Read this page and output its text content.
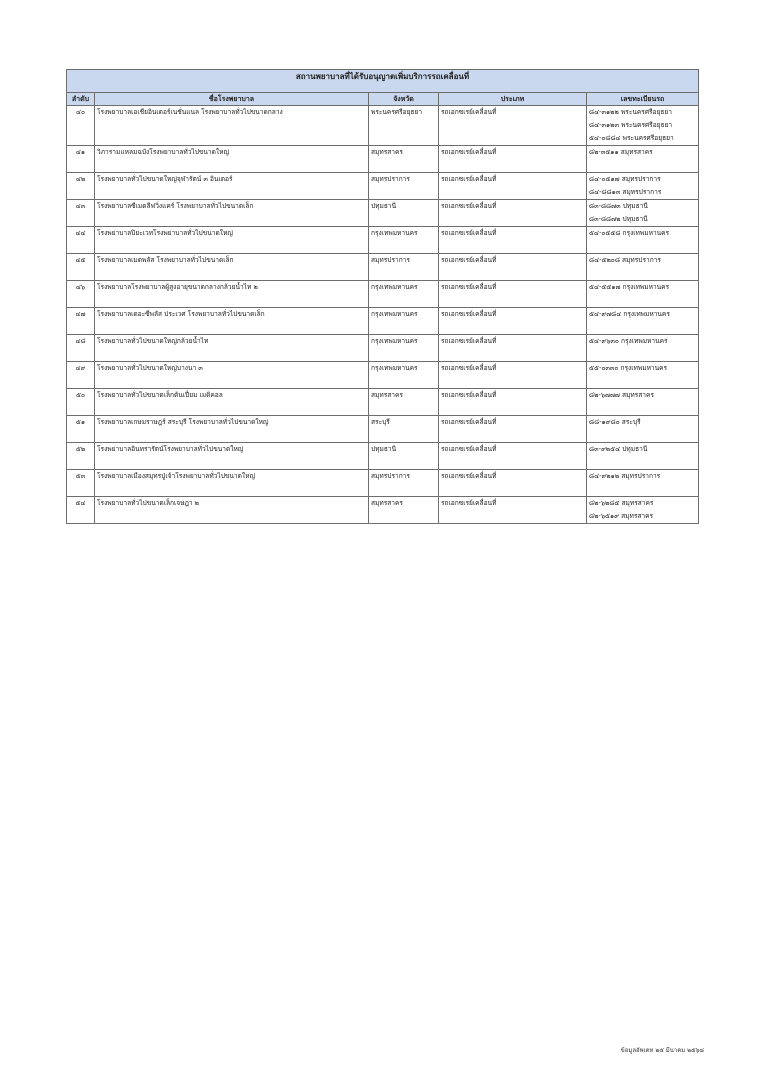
สถานพยาบาลที่ได้รับอนุญาตเพิ่มบริการรถเคลื่อนที่				
ลำดับ	ชื่อโรงพยาบาล	จังหวัด	ประเภท	เลขทะเบียนรถ

๔๐	โรงพยาบาลเอเชียอินเตอร์เนชั่นแนล โรงพยาบาลทั่วไปขนาดกลาง	พระนครศรีอยุธยา	รถเอกซเรย์เคลื่อนที่	๘๔-๓๑๒๒ พระนครศรีอยุธยา
๘๔-๓๑๒๓ พระนครศรีอยุธยา
๕๔-๐๘๘๔ พระนครศรีอยุธยา

๔๑	วิภารามแหลมฉบังโรงพยาบาลทั่วไปขนาดใหญ่	สมุทรสาคร	รถเอกซเรย์เคลื่อนที่	๘๒-๓๕๑๑ สมุทรสาคร

๔๒	โรงพยาบาลทั่วไปขนาดใหญ่จุฬารัตน์ ๓ อินเตอร์	สมุทรปราการ	รถเอกซเรย์เคลื่อนที่	๘๔-๐๕๑๗ สมุทรปราการ
๘๔-๘๘๑๓ สมุทรปราการ

๔๓	โรงพยาบาลซีเมดลีฟวิ่งแคร์ โรงพยาบาลทั่วไปขนาดเล็ก	ปทุมธานี	รถเอกซเรย์เคลื่อนที่	๘๓-๘๘๗๓ ปทุมธานี
๘๓-๘๘๗๒ ปทุมธานี

๔๔	โรงพยาบาลปิยะเวทโรงพยาบาลทั่วไปขนาดใหญ่	กรุงเทพมหานคร	รถเอกซเรย์เคลื่อนที่	๕๔-๐๕๕๘ กรุงเทพมหานคร

๔๕	โรงพยาบาลเมดพลัส โรงพยาบาลทั่วไปขนาดเล็ก	สมุทรปราการ	รถเอกซเรย์เคลื่อนที่	๘๔-๕๒๐๘ สมุทรปราการ

๔๖	โรงพยาบาลโรงพยาบาลผู้สูงอายุขนาดกลางกล้วยน้ำไท ๒	กรุงเทพมหานคร	รถเอกซเรย์เคลื่อนที่	๕๔-๕๕๑๗ กรุงเทพมหานคร

๔๗	โรงพยาบาลเดอะซีพลัส ประเวศ โรงพยาบาลทั่วไปขนาดเล็ก	กรุงเทพมหานคร	รถเอกซเรย์เคลื่อนที่	๕๔-๙๗๘๔ กรุงเทพมหานคร

๔๘	โรงพยาบาลทั่วไปขนาดใหญ่กล้วยน้ำไท	กรุงเทพมหานคร	รถเอกซเรย์เคลื่อนที่	๕๔-๙๖๓๐ กรุงเทพมหานคร

๔๙	โรงพยาบาลทั่วไปขนาดใหญ่บางนา ๓	กรุงเทพมหานคร	รถเอกซเรย์เคลื่อนที่	๕๕-๐๓๓๐ กรุงเทพมหานคร

๕๐	โรงพยาบาลทั่วไปขนาดเล็กต้นเปี่ยม เมดิคอล	สมุทรสาคร	รถเอกซเรย์เคลื่อนที่	๘๒-๖๗๗๗ สมุทรสาคร

๕๑	โรงพยาบาลเกษมราษฎร์ สระบุรี โรงพยาบาลทั่วไปขนาดใหญ่	สระบุรี	รถเอกซเรย์เคลื่อนที่	๘๘-๑๙๘๐ สระบุรี

๕๒	โรงพยาบาลอินทรารัตน์โรงพยาบาลทั่วไปขนาดใหญ่	ปทุมธานี	รถเอกซเรย์เคลื่อนที่	๘๓-๙๒๕๔ ปทุมธานี

๕๓	โรงพยาบาลเมืองสมุทรปู่เจ้าโรงพยาบาลทั่วไปขนาดใหญ่	สมุทรปราการ	รถเอกซเรย์เคลื่อนที่	๘๔-๙๒๑๒ สมุทรปราการ

๕๔	โรงพยาบาลทั่วไปขนาดเล็กเจษฎา ๒	สมุทรสาคร	รถเอกซเรย์เคลื่อนที่	๘๒-๖๒๘๕ สมุทรสาคร
๘๒-๖๕๑๙ สมุทรสาคร
ข้อมูลอัพเดท ๒๕ มีนาคม ๒๕๖๘
